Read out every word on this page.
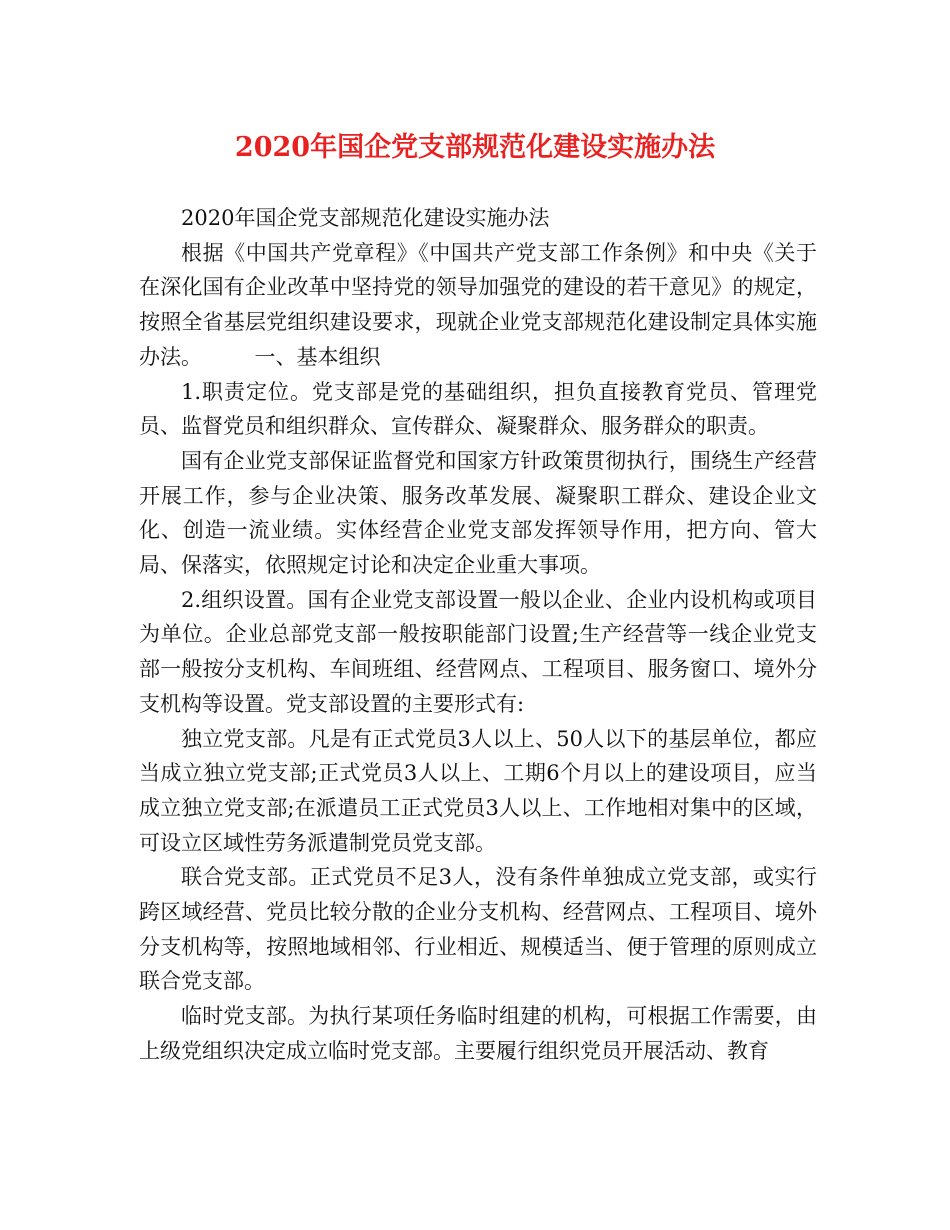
2020年国企党支部规范化建设实施办法

2020年国企党支部规范化建设实施办法

根据《中国共产党章程》《中国共产党支部工作条例》和中央《关于在深化国有企业改革中坚持党的领导加强党的建设的若干意见》的规定，按照全省基层党组织建设要求，现就企业党支部规范化建设制定具体实施办法。　　　一、基本组织

1.职责定位。党支部是党的基础组织，担负直接教育党员、管理党员、监督党员和组织群众、宣传群众、凝聚群众、服务群众的职责。

国有企业党支部保证监督党和国家方针政策贯彻执行，围绕生产经营开展工作，参与企业决策、服务改革发展、凝聚职工群众、建设企业文化、创造一流业绩。实体经营企业党支部发挥领导作用，把方向、管大局、保落实，依照规定讨论和决定企业重大事项。

2.组织设置。国有企业党支部设置一般以企业、企业内设机构或项目为单位。企业总部党支部一般按职能部门设置;生产经营等一线企业党支部一般按分支机构、车间班组、经营网点、工程项目、服务窗口、境外分支机构等设置。党支部设置的主要形式有:

独立党支部。凡是有正式党员3人以上、50人以下的基层单位，都应当成立独立党支部;正式党员3人以上、工期6个月以上的建设项目，应当成立独立党支部;在派遣员工正式党员3人以上、工作地相对集中的区域，可设立区域性劳务派遣制党员党支部。

联合党支部。正式党员不足3人，没有条件单独成立党支部，或实行跨区域经营、党员比较分散的企业分支机构、经营网点、工程项目、境外分支机构等，按照地域相邻、行业相近、规模适当、便于管理的原则成立联合党支部。

临时党支部。为执行某项任务临时组建的机构，可根据工作需要，由上级党组织决定成立临时党支部。主要履行组织党员开展活动、教育
